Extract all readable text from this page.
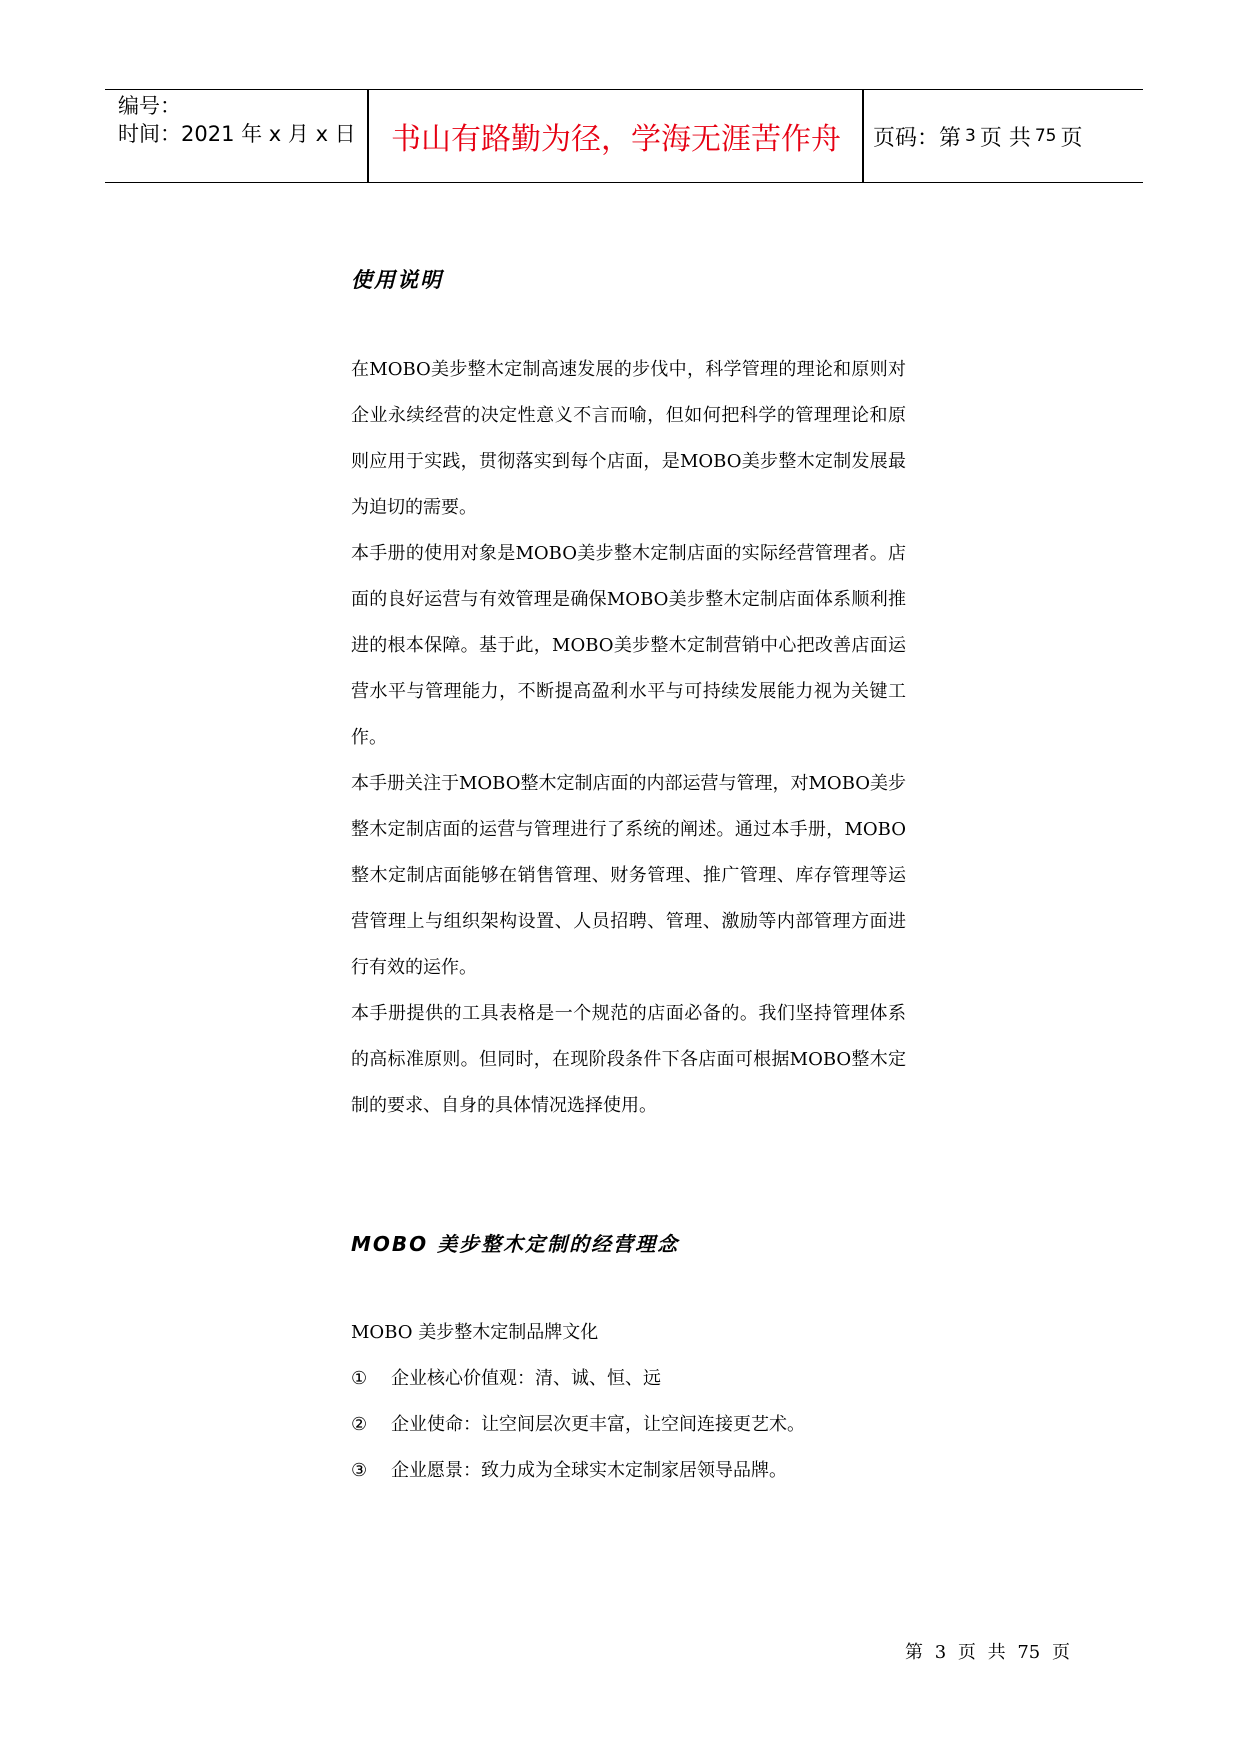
编号：
时间：2021 年 x 月 x 日	书山有路勤为径，学海无涯苦作舟	页码：第 3 页 共 75 页
使用说明

在MOBO美步整木定制高速发展的步伐中，科学管理的理论和原则对企业永续经营的决定性意义不言而喻，但如何把科学的管理理论和原则应用于实践，贯彻落实到每个店面，是MOBO美步整木定制发展最为迫切的需要。

本手册的使用对象是MOBO美步整木定制店面的实际经营管理者。店面的良好运营与有效管理是确保MOBO美步整木定制店面体系顺利推进的根本保障。基于此，MOBO美步整木定制营销中心把改善店面运营水平与管理能力，不断提高盈利水平与可持续发展能力视为关键工作。

本手册关注于MOBO整木定制店面的内部运营与管理，对MOBO美步整木定制店面的运营与管理进行了系统的阐述。通过本手册，MOBO整木定制店面能够在销售管理、财务管理、推广管理、库存管理等运营管理上与组织架构设置、人员招聘、管理、激励等内部管理方面进行有效的运作。

本手册提供的工具表格是一个规范的店面必备的。我们坚持管理体系的高标准原则。但同时，在现阶段条件下各店面可根据MOBO整木定制的要求、自身的具体情况选择使用。

MOBO 美步整木定制的经营理念
MOBO 美步整木定制品牌文化
① 企业核心价值观：清、诚、恒、远
② 企业使命：让空间层次更丰富，让空间连接更艺术。
③ 企业愿景：致力成为全球实木定制家居领导品牌。
第 3 页 共 75 页
